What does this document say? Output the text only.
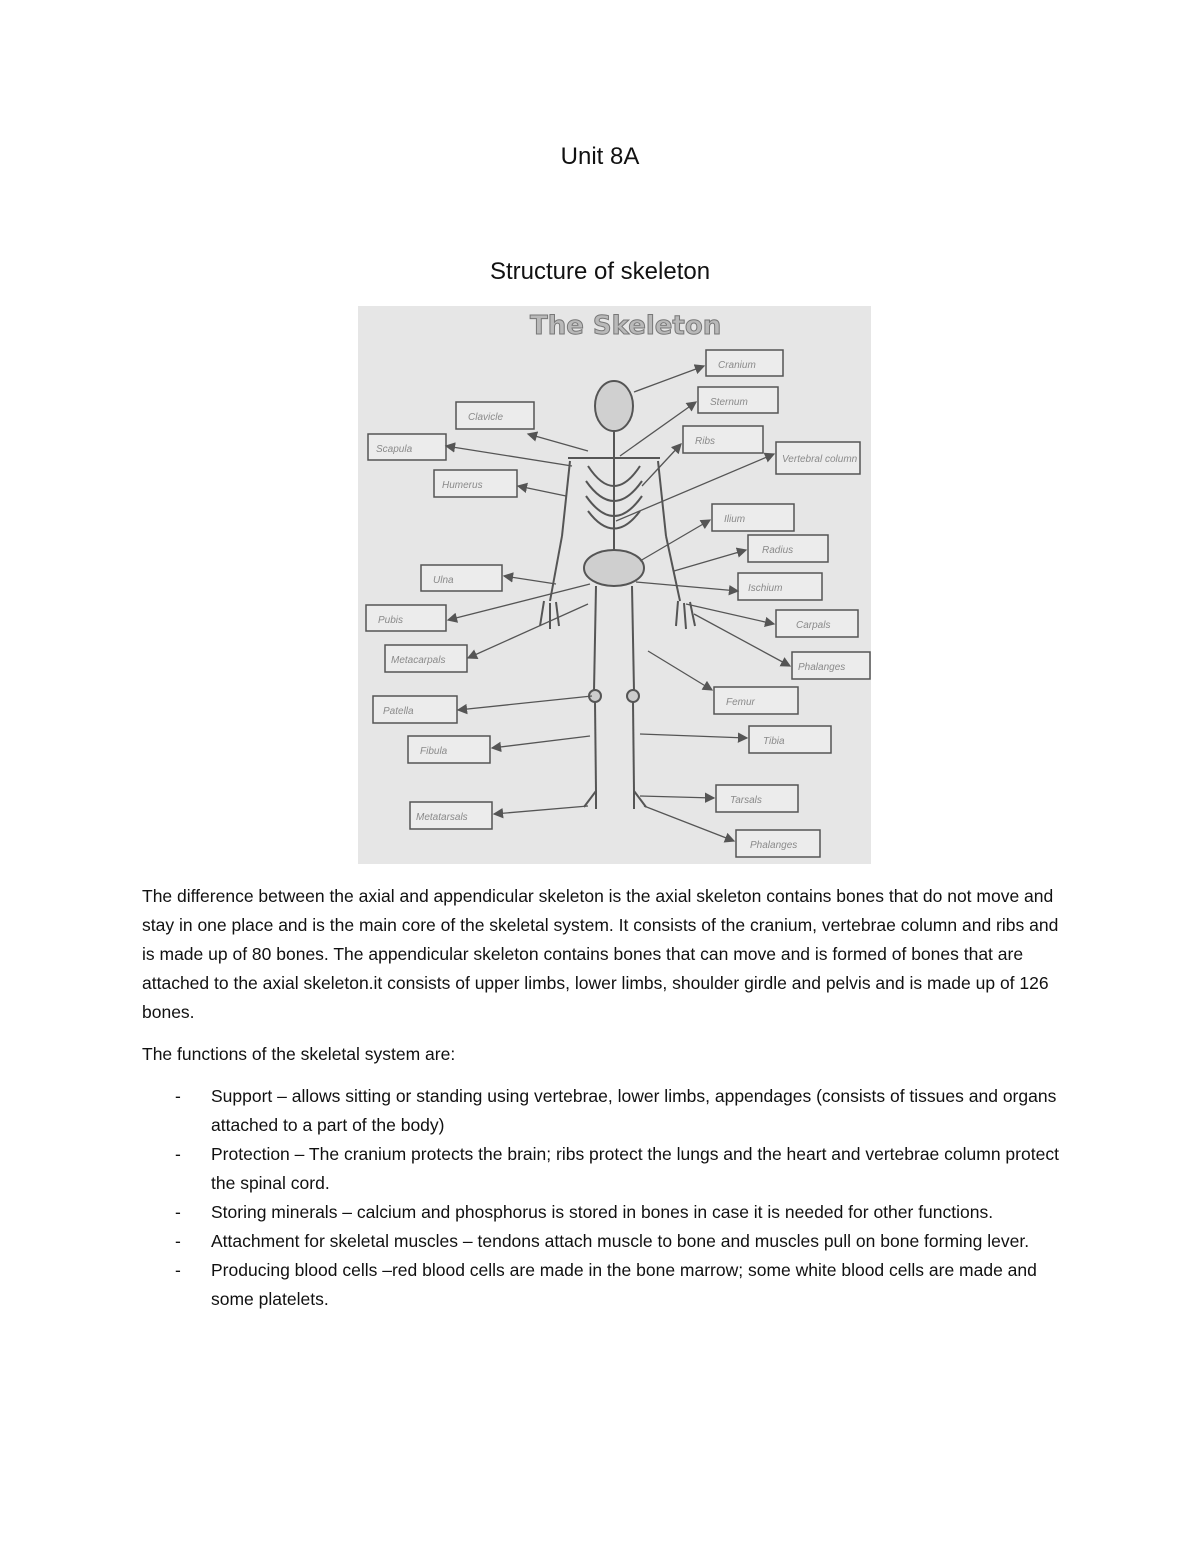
Unit 8A
Structure of skeleton
The Skeleton
Cranium
Sternum
Clavicle
Ribs
Scapula
Vertebral column
Humerus
Ilium
Radius
Ulna
Ischium
Pubis	Carpals
Metacarpals
Phalanges
Femur
Patella
Tibia
Fibula
Tarsals
Metatarsals
Phalanges
The difference between the axial and appendicular skeleton is the axial skeleton contains bones that do not move and stay in one place and is the main core of the skeletal system. It consists of the cranium, vertebrae column and ribs and is made up of 80 bones. The appendicular skeleton contains bones that can move and is formed of bones that are attached to the axial skeleton.it consists of upper limbs, lower limbs, shoulder girdle and pelvis and is made up of 126 bones.
The functions of the skeletal system are:
- Support – allows sitting or standing using vertebrae, lower limbs, appendages (consists of tissues and organs attached to a part of the body)
- Protection – The cranium protects the brain; ribs protect the lungs and the heart and vertebrae column protect the spinal cord.
- Storing minerals – calcium and phosphorus is stored in bones in case it is needed for other functions.
- Attachment for skeletal muscles – tendons attach muscle to bone and muscles pull on bone forming lever.
- Producing blood cells –red blood cells are made in the bone marrow; some white blood cells are made and some platelets.
